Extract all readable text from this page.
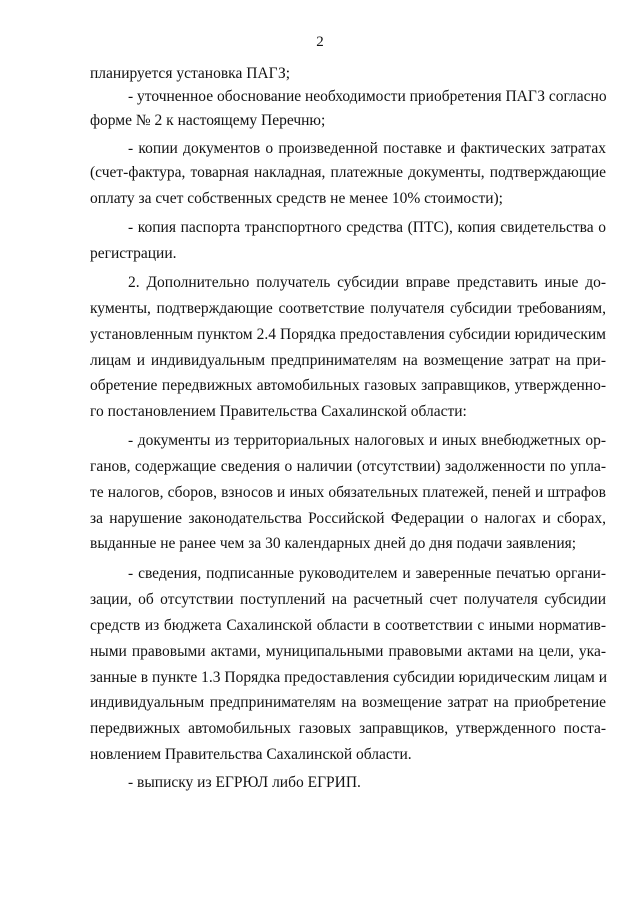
2
планируется установка ПАГЗ;
- уточненное обоснование необходимости приобретения ПАГЗ согласно
форме № 2 к настоящему Перечню;
- копии документов о произведенной поставке и фактических затратах
(счет-фактура, товарная накладная, платежные документы, подтверждающие
оплату за счет собственных средств не менее 10% стоимости);
- копия паспорта транспортного средства (ПТС), копия свидетельства о
регистрации.
2. Дополнительно получатель субсидии вправе представить иные до-
кументы, подтверждающие соответствие получателя субсидии требованиям,
установленным пунктом 2.4 Порядка предоставления субсидии юридическим
лицам и индивидуальным предпринимателям на возмещение затрат на при-
обретение передвижных автомобильных газовых заправщиков, утвержденно-
го постановлением Правительства Сахалинской области:
- документы из территориальных налоговых и иных внебюджетных ор-
ганов, содержащие сведения о наличии (отсутствии) задолженности по упла-
те налогов, сборов, взносов и иных обязательных платежей, пеней и штрафов
за нарушение законодательства Российской Федерации о налогах и сборах,
выданные не ранее чем за 30 календарных дней до дня подачи заявления;
- сведения, подписанные руководителем и заверенные печатью органи-
зации, об отсутствии поступлений на расчетный счет получателя субсидии
средств из бюджета Сахалинской области в соответствии с иными норматив-
ными правовыми актами, муниципальными правовыми актами на цели, ука-
занные в пункте 1.3 Порядка предоставления субсидии юридическим лицам и
индивидуальным предпринимателям на возмещение затрат на приобретение
передвижных автомобильных газовых заправщиков, утвержденного поста-
новлением Правительства Сахалинской области.
- выписку из ЕГРЮЛ либо ЕГРИП.
